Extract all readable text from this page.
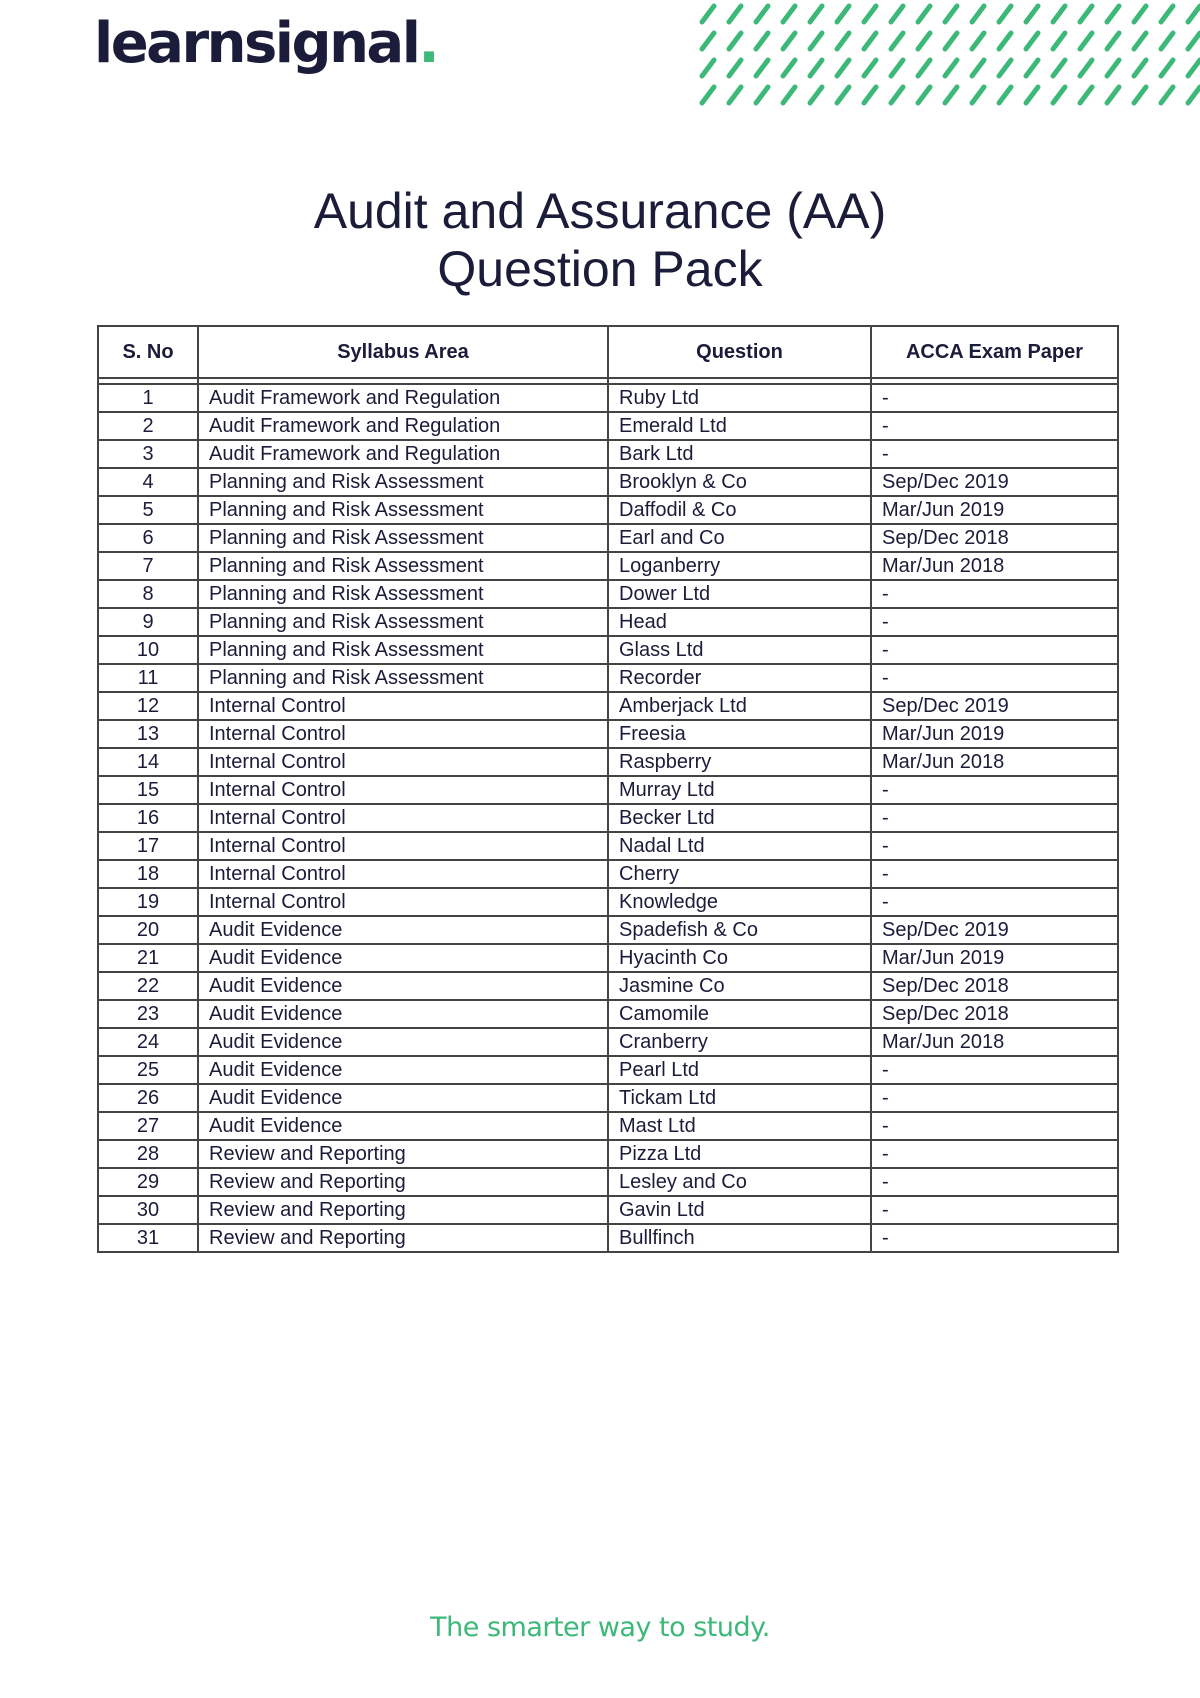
learnsignal.
Audit and Assurance (AA)
Question Pack
S. No	Syllabus Area	Question	ACCA Exam Paper

1	Audit Framework and Regulation	Ruby Ltd	-
2	Audit Framework and Regulation	Emerald Ltd	-
3	Audit Framework and Regulation	Bark Ltd	-
4	Planning and Risk Assessment	Brooklyn & Co	Sep/Dec 2019
5	Planning and Risk Assessment	Daffodil & Co	Mar/Jun 2019
6	Planning and Risk Assessment	Earl and Co	Sep/Dec 2018
7	Planning and Risk Assessment	Loganberry	Mar/Jun 2018
8	Planning and Risk Assessment	Dower Ltd	-
9	Planning and Risk Assessment	Head	-
10	Planning and Risk Assessment	Glass Ltd	-
11	Planning and Risk Assessment	Recorder	-
12	Internal Control	Amberjack Ltd	Sep/Dec 2019
13	Internal Control	Freesia	Mar/Jun 2019
14	Internal Control	Raspberry	Mar/Jun 2018
15	Internal Control	Murray Ltd	-
16	Internal Control	Becker Ltd	-
17	Internal Control	Nadal Ltd	-
18	Internal Control	Cherry	-
19	Internal Control	Knowledge	-
20	Audit Evidence	Spadefish & Co	Sep/Dec 2019
21	Audit Evidence	Hyacinth Co	Mar/Jun 2019
22	Audit Evidence	Jasmine Co	Sep/Dec 2018
23	Audit Evidence	Camomile	Sep/Dec 2018
24	Audit Evidence	Cranberry	Mar/Jun 2018
25	Audit Evidence	Pearl Ltd	-
26	Audit Evidence	Tickam Ltd	-
27	Audit Evidence	Mast Ltd	-
28	Review and Reporting	Pizza Ltd	-
29	Review and Reporting	Lesley and Co	-
30	Review and Reporting	Gavin Ltd	-
31	Review and Reporting	Bullfinch	-
The smarter way to study.
